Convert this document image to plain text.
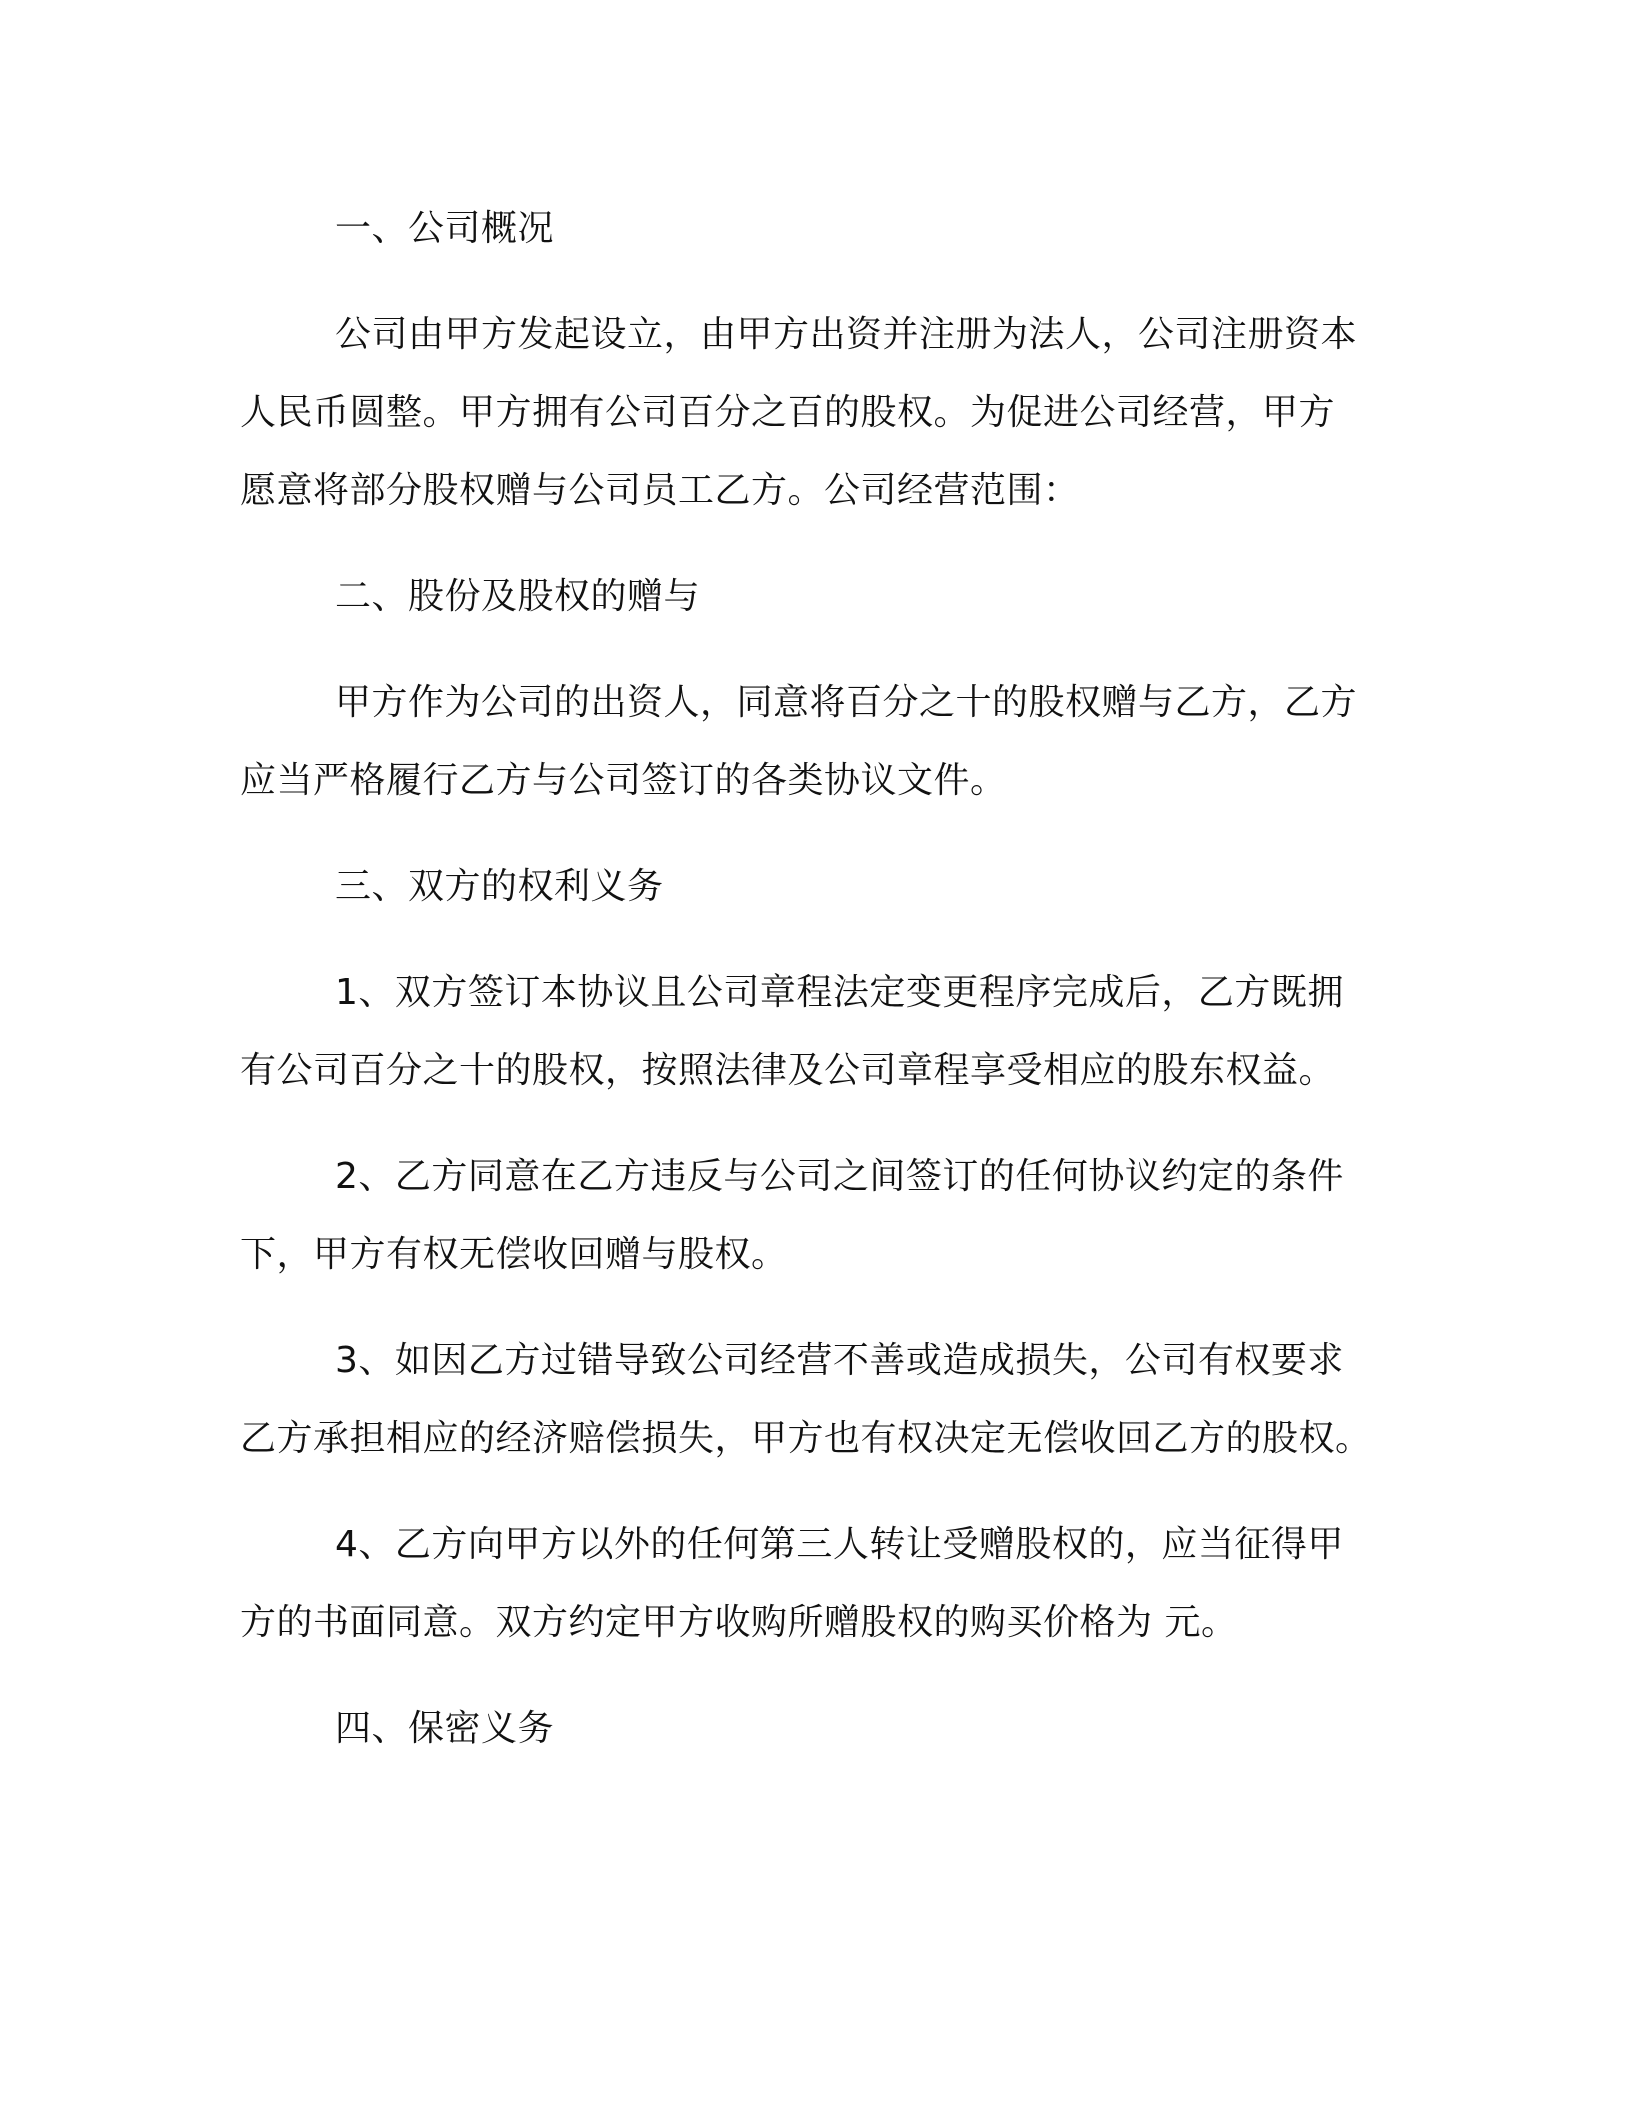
一、公司概况
公司由甲方发起设立，由甲方出资并注册为法人，公司注册资本
人民币圆整。甲方拥有公司百分之百的股权。为促进公司经营，甲方
愿意将部分股权赠与公司员工乙方。公司经营范围：
二、股份及股权的赠与
甲方作为公司的出资人，同意将百分之十的股权赠与乙方，乙方
应当严格履行乙方与公司签订的各类协议文件。
三、双方的权利义务
1、双方签订本协议且公司章程法定变更程序完成后，乙方既拥
有公司百分之十的股权，按照法律及公司章程享受相应的股东权益。
2、乙方同意在乙方违反与公司之间签订的任何协议约定的条件
下，甲方有权无偿收回赠与股权。
3、如因乙方过错导致公司经营不善或造成损失，公司有权要求
乙方承担相应的经济赔偿损失，甲方也有权决定无偿收回乙方的股权。
4、乙方向甲方以外的任何第三人转让受赠股权的，应当征得甲
方的书面同意。双方约定甲方收购所赠股权的购买价格为 元。
四、保密义务
